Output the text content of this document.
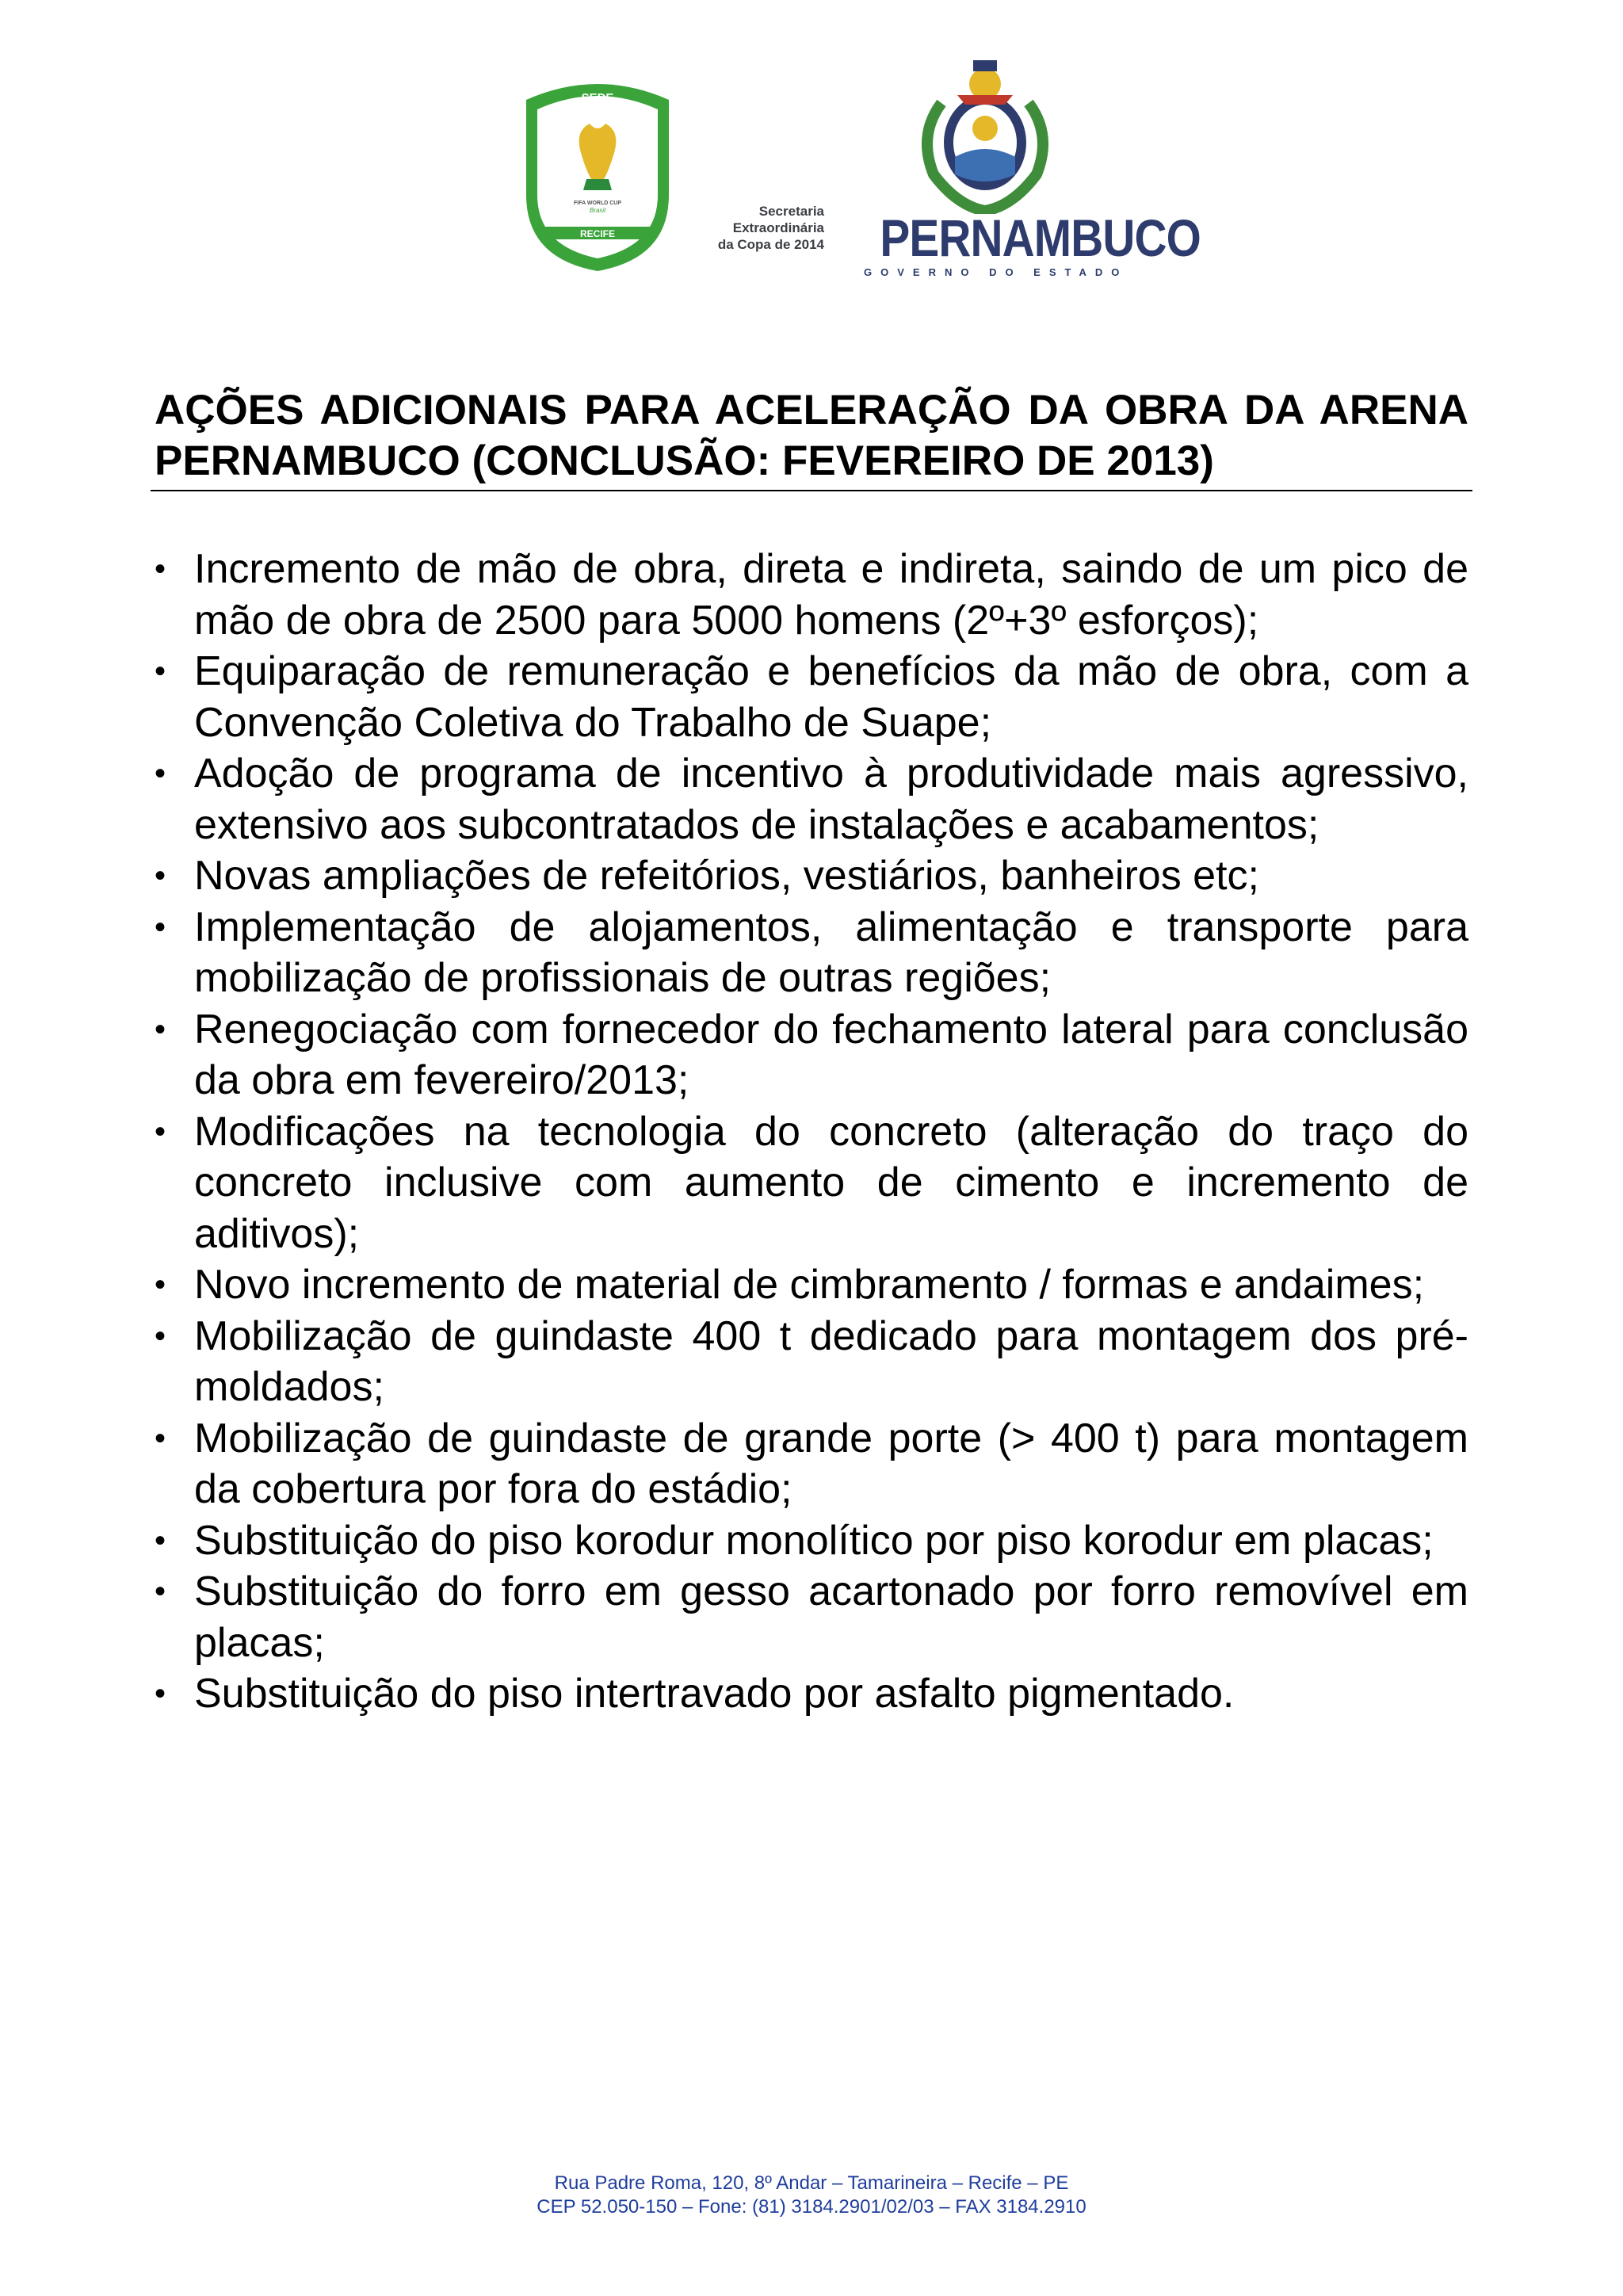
SEDE
FIFA WORLD CUP
Brasil
RECIFE
Secretaria
Extraordinária
da Copa de 2014 PERNAMBUCO
GOVERNO DO ESTADO
AÇÕES ADICIONAIS PARA ACELERAÇÃO DA OBRA DA ARENA PERNAMBUCO (CONCLUSÃO: FEVEREIRO DE 2013)
• Incremento de mão de obra, direta e indireta, saindo de um pico de mão de obra de 2500 para 5000 homens (2º+3º esforços);
• Equiparação de remuneração e benefícios da mão de obra, com a Convenção Coletiva do Trabalho de Suape;
• Adoção de programa de incentivo à produtividade mais agressivo, extensivo aos subcontratados de instalações e acabamentos;
• Novas ampliações de refeitórios, vestiários, banheiros etc;
• Implementação de alojamentos, alimentação e transporte para mobilização de profissionais de outras regiões;
• Renegociação com fornecedor do fechamento lateral para conclusão da obra em fevereiro/2013;
• Modificações na tecnologia do concreto (alteração do traço do concreto inclusive com aumento de cimento e incremento de aditivos);
• Novo incremento de material de cimbramento / formas e andaimes;
• Mobilização de guindaste 400 t dedicado para montagem dos pré-moldados;
• Mobilização de guindaste de grande porte (> 400 t) para montagem da cobertura por fora do estádio;
• Substituição do piso korodur monolítico por piso korodur em placas;
• Substituição do forro em gesso acartonado por forro removível em placas;
• Substituição do piso intertravado por asfalto pigmentado.
Rua Padre Roma, 120, 8º Andar – Tamarineira – Recife – PE
CEP 52.050-150 – Fone: (81) 3184.2901/02/03 – FAX 3184.2910
